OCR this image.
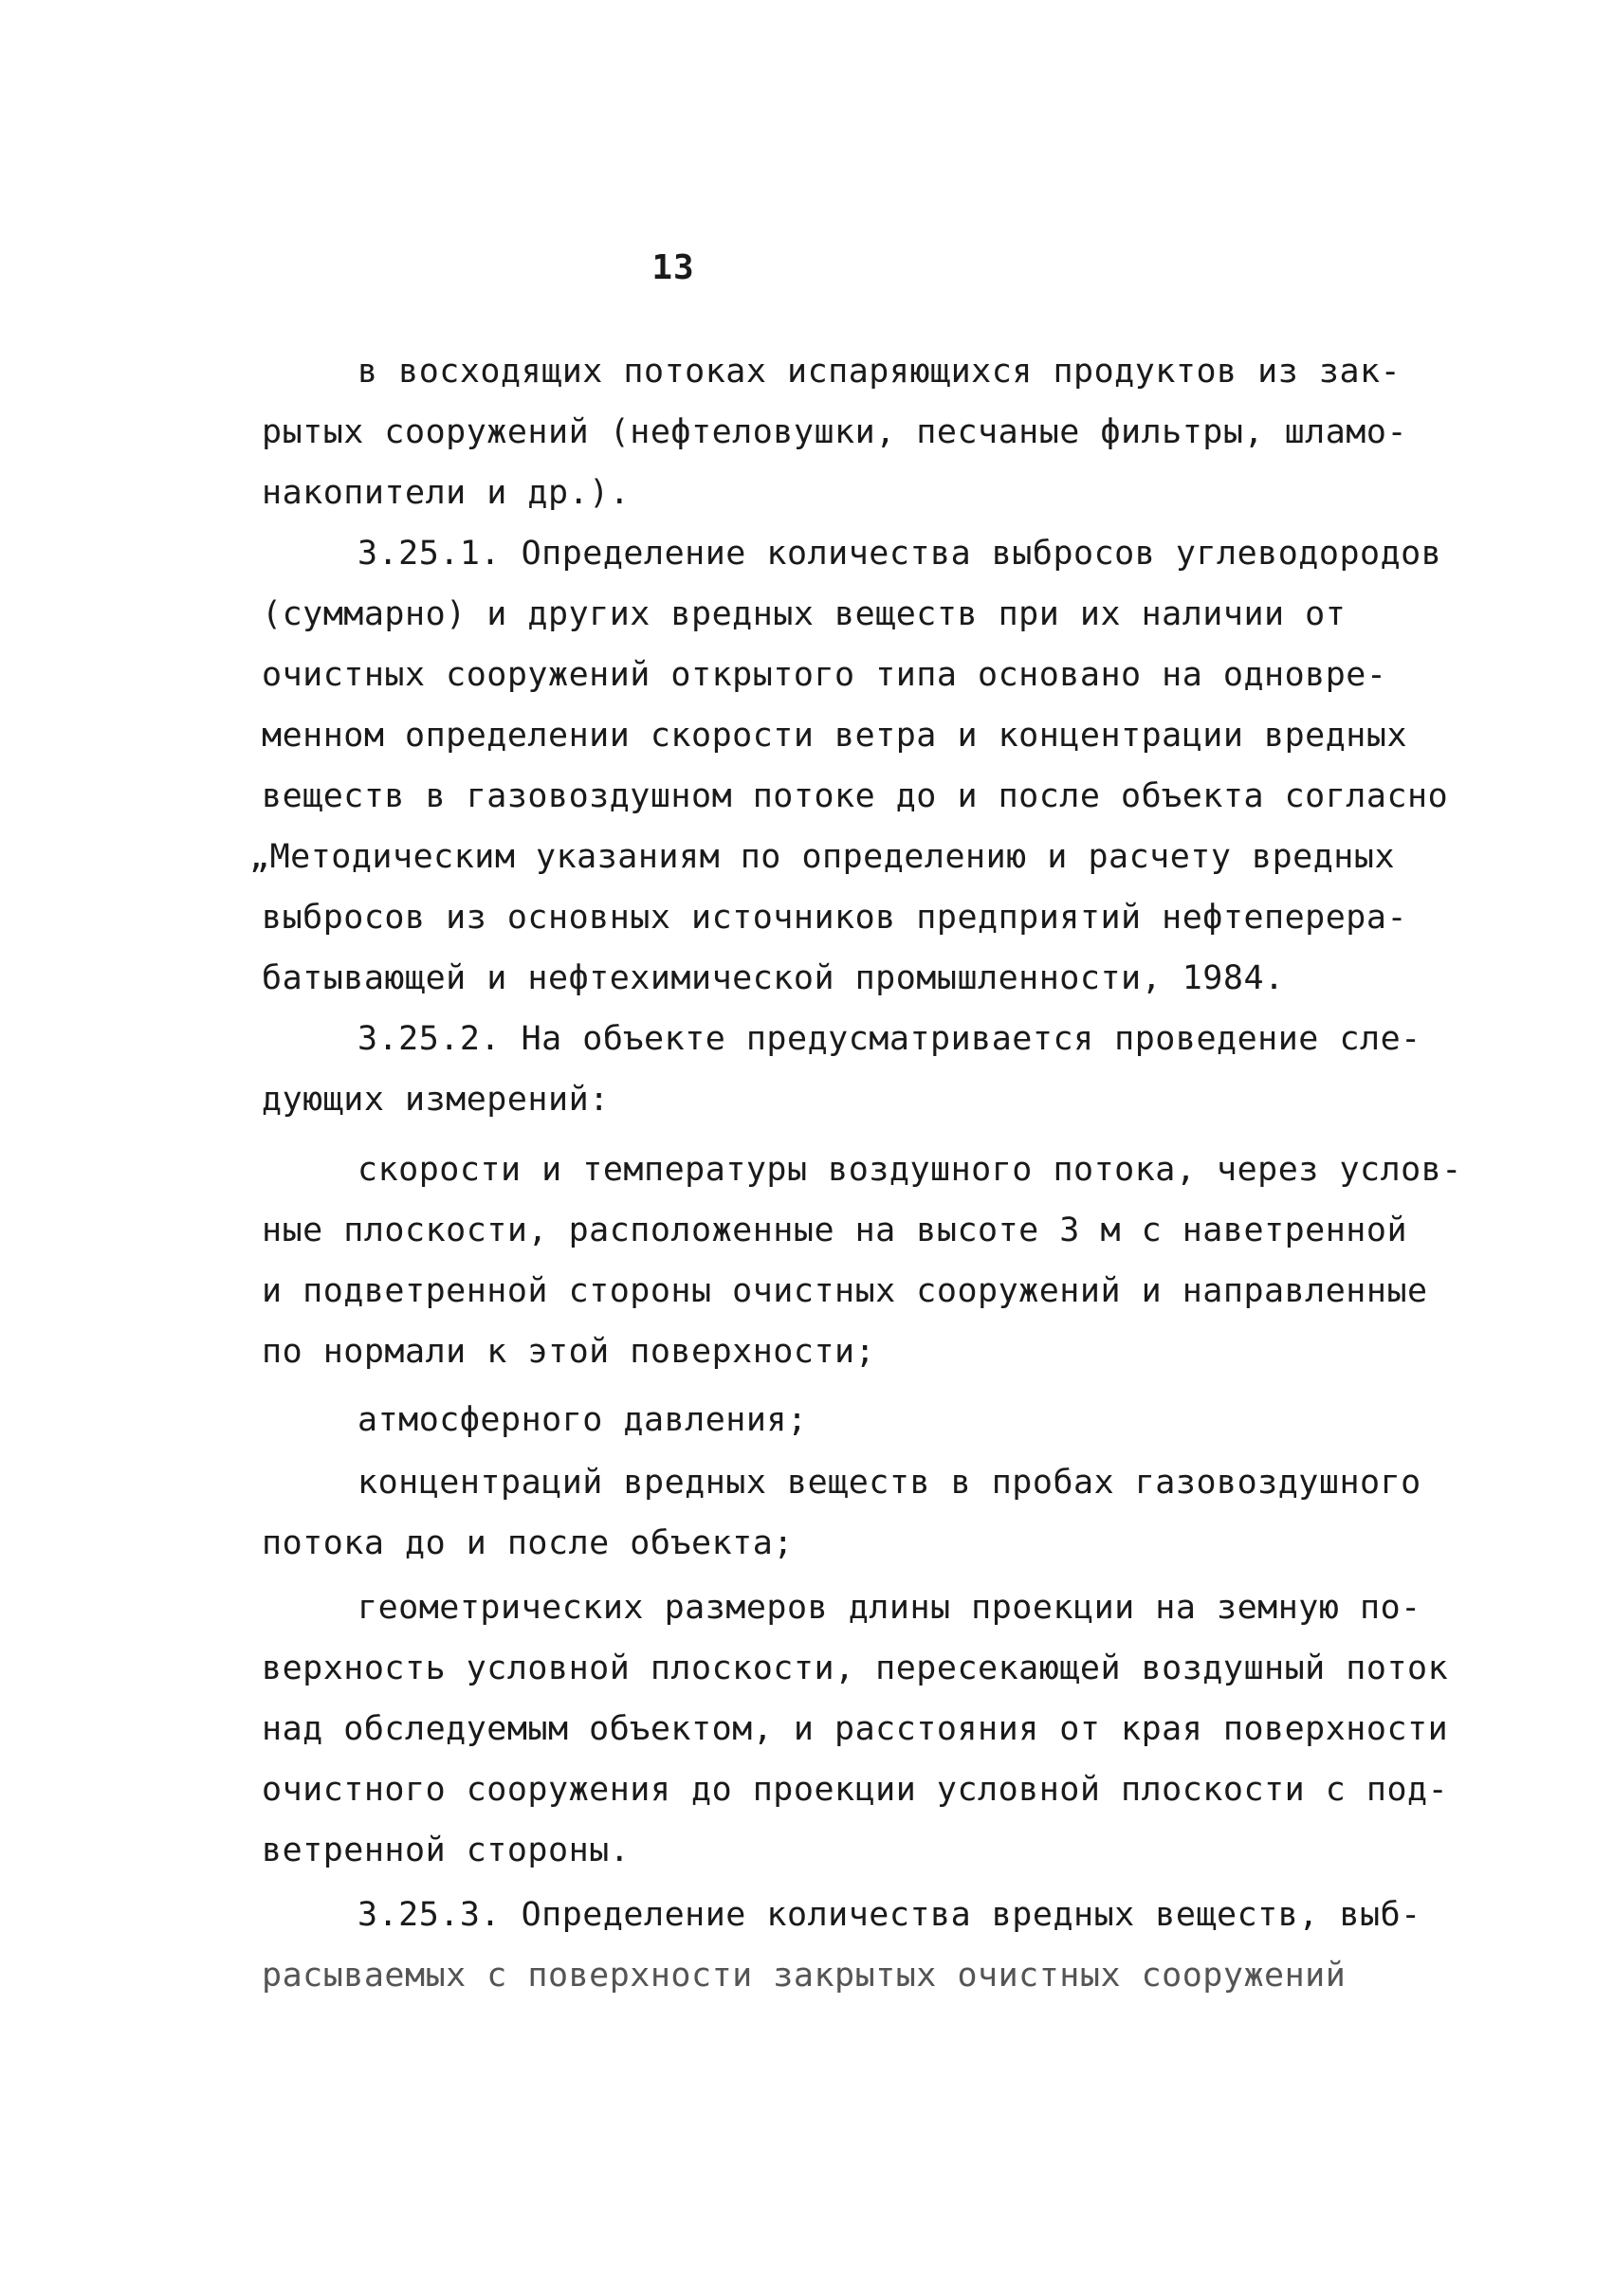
13
в восходящих потоках испаряющихся продуктов из зак-
рытых сооружений (нефтеловушки, песчаные фильтры, шламо-
накопители и др.).
3.25.1. Определение количества выбросов углеводородов
(суммарно) и других вредных веществ при их наличии от
очистных сооружений открытого типа основано на одновре-
менном определении скорости ветра и концентрации вредных
веществ в газовоздушном потоке до и после объекта согласно
„Методическим указаниям по определению и расчету вредных
выбросов из основных источников предприятий нефтеперера-
батывающей и нефтехимической промышленности, 1984.
3.25.2. На объекте предусматривается проведение сле-
дующих измерений:
скорости и температуры воздушного потока, через услов-
ные плоскости, расположенные на высоте 3 м с наветренной
и подветренной стороны очистных сооружений и направленные
по нормали к этой поверхности;
атмосферного давления;
концентраций вредных веществ в пробах газовоздушного
потока до и после объекта;
геометрических размеров длины проекции на земную по-
верхность условной плоскости, пересекающей воздушный поток
над обследуемым объектом, и расстояния от края поверхности
очистного сооружения до проекции условной плоскости с под-
ветренной стороны.
3.25.3. Определение количества вредных веществ, выб-
расываемых с поверхности закрытых очистных сооружений
